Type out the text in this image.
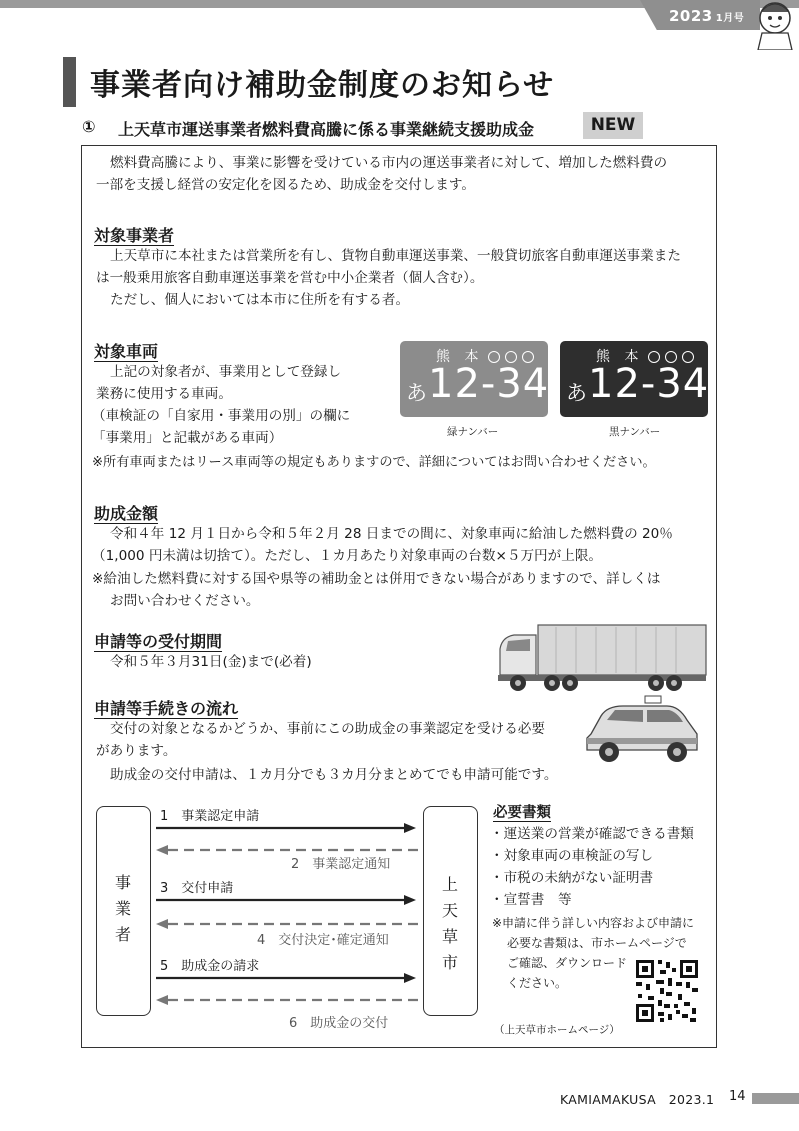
2023 1月号
事業者向け補助金制度のお知らせ
① 上天草市運送事業者燃料費高騰に係る事業継続支援助成金	NEW
燃料費高騰により、事業に影響を受けている市内の運送事業者に対して、増加した燃料費の
一部を支援し経営の安定化を図るため、助成金を交付します。
対象事業者
上天草市に本社または営業所を有し、貨物自動車運送事業、一般貸切旅客自動車運送事業また
は一般乗用旅客自動車運送事業を営む中小企業者（個人含む）。
ただし、個人においては本市に住所を有する者。
対象車両
上記の対象者が、事業用として登録し
業務に使用する車両。
（車検証の「自家用・事業用の別」の欄に
「事業用」と記載がある車両）
※所有車両またはリース車両等の規定もありますので、詳細についてはお問い合わせください。
熊 本
あ 12-34
緑ナンバー
熊 本
あ 12-34
黒ナンバー
助成金額
令和４年 12 月１日から令和５年２月 28 日までの間に、対象車両に給油した燃料費の 20％
（1,000 円未満は切捨て）。ただし、１カ月あたり対象車両の台数×５万円が上限。
※給油した燃料費に対する国や県等の補助金とは併用できない場合がありますので、詳しくは
お問い合わせください。
申請等の受付期間
令和５年３月31日(金)まで(必着)
申請等手続きの流れ
交付の対象となるかどうか、事前にこの助成金の事業認定を受ける必要
があります。
助成金の交付申請は、１カ月分でも３カ月分まとめてでも申請可能です。
事
業
者
上
天
草
市
1　 事業認定申請
2　 事業認定通知
3　 交付申請
4　 交付決定･確定通知
5　 助成金の請求
6　 助成金の交付
必要書類
・運送業の営業が確認できる書類
・対象車両の車検証の写し
・市税の未納がない証明書
・宣誓書　等
※申請に伴う詳しい内容および申請に
必要な書類は、市ホームページで
ご確認、ダウンロード
ください。
（上天草市ホームページ）
KAMIAMAKUSA　2023.1 14
